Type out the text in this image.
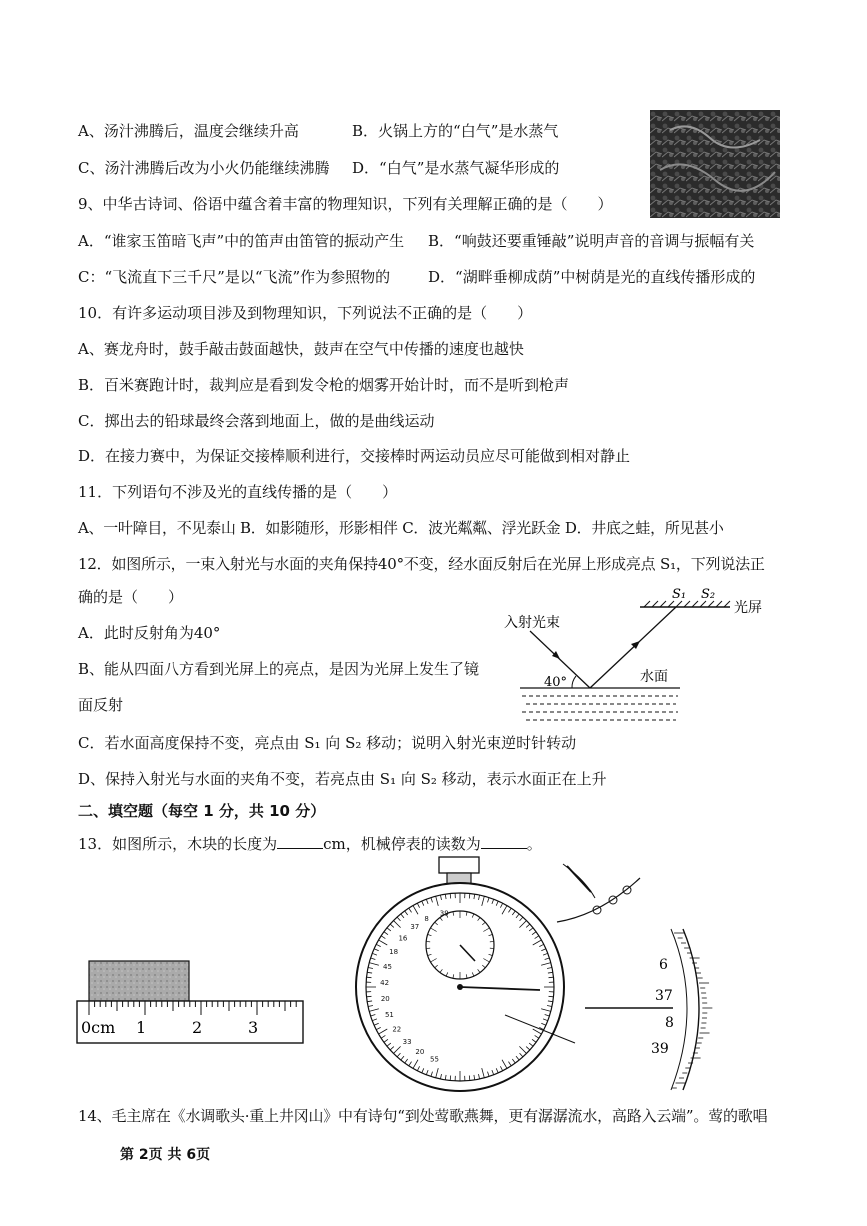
A、汤汁沸腾后，温度会继续升高	B．火锅上方的“白气”是水蒸气
C、汤汁沸腾后改为小火仍能继续沸腾 D．“白气”是水蒸气凝华形成的
9、中华古诗词、俗语中蕴含着丰富的物理知识，下列有关理解正确的是（　　）
A．“谁家玉笛暗飞声”中的笛声由笛管的振动产生 B．“响鼓还要重锤敲”说明声音的音调与振幅有关
C：“飞流直下三千尺”是以“飞流”作为参照物的	D．“湖畔垂柳成荫”中树荫是光的直线传播形成的
10．有许多运动项目涉及到物理知识，下列说法不正确的是（　　）
A、赛龙舟时，鼓手敲击鼓面越快，鼓声在空气中传播的速度也越快
B．百米赛跑计时，裁判应是看到发令枪的烟雾开始计时，而不是听到枪声
C．掷出去的铅球最终会落到地面上，做的是曲线运动
D．在接力赛中，为保证交接棒顺利进行，交接棒时两运动员应尽可能做到相对静止
11．下列语句不涉及光的直线传播的是（　　）
A、一叶障目，不见泰山 B．如影随形，形影相伴 C．波光粼粼、浮光跃金 D．井底之蛙，所见甚小
12．如图所示，一束入射光与水面的夹角保持40°不变，经水面反射后在光屏上形成亮点 S₁，下列说法正
确的是（　　）
A．此时反射角为40°
B、能从四面八方看到光屏上的亮点，是因为光屏上发生了镜
面反射
C．若水面高度保持不变，亮点由 S₁ 向 S₂ 移动；说明入射光束逆时针转动
D、保持入射光与水面的夹角不变，若亮点由 S₁ 向 S₂ 移动，表示水面正在上升
S₁ S₂
光屏
入射光束
水面
40°
二、填空题（每空 1 分，共 10 分）
13．如图所示，木块的长度为	cm，机械停表的读数为	。
0cm 1	2	3
55
20
33
22
51
20
42
45
18
16
37
8
39
6
37
8
39
14、毛主席在《水调歌头·重上井冈山》中有诗句“到处莺歌燕舞，更有潺潺流水，高路入云端”。莺的歌唱
第 2页 共 6页
